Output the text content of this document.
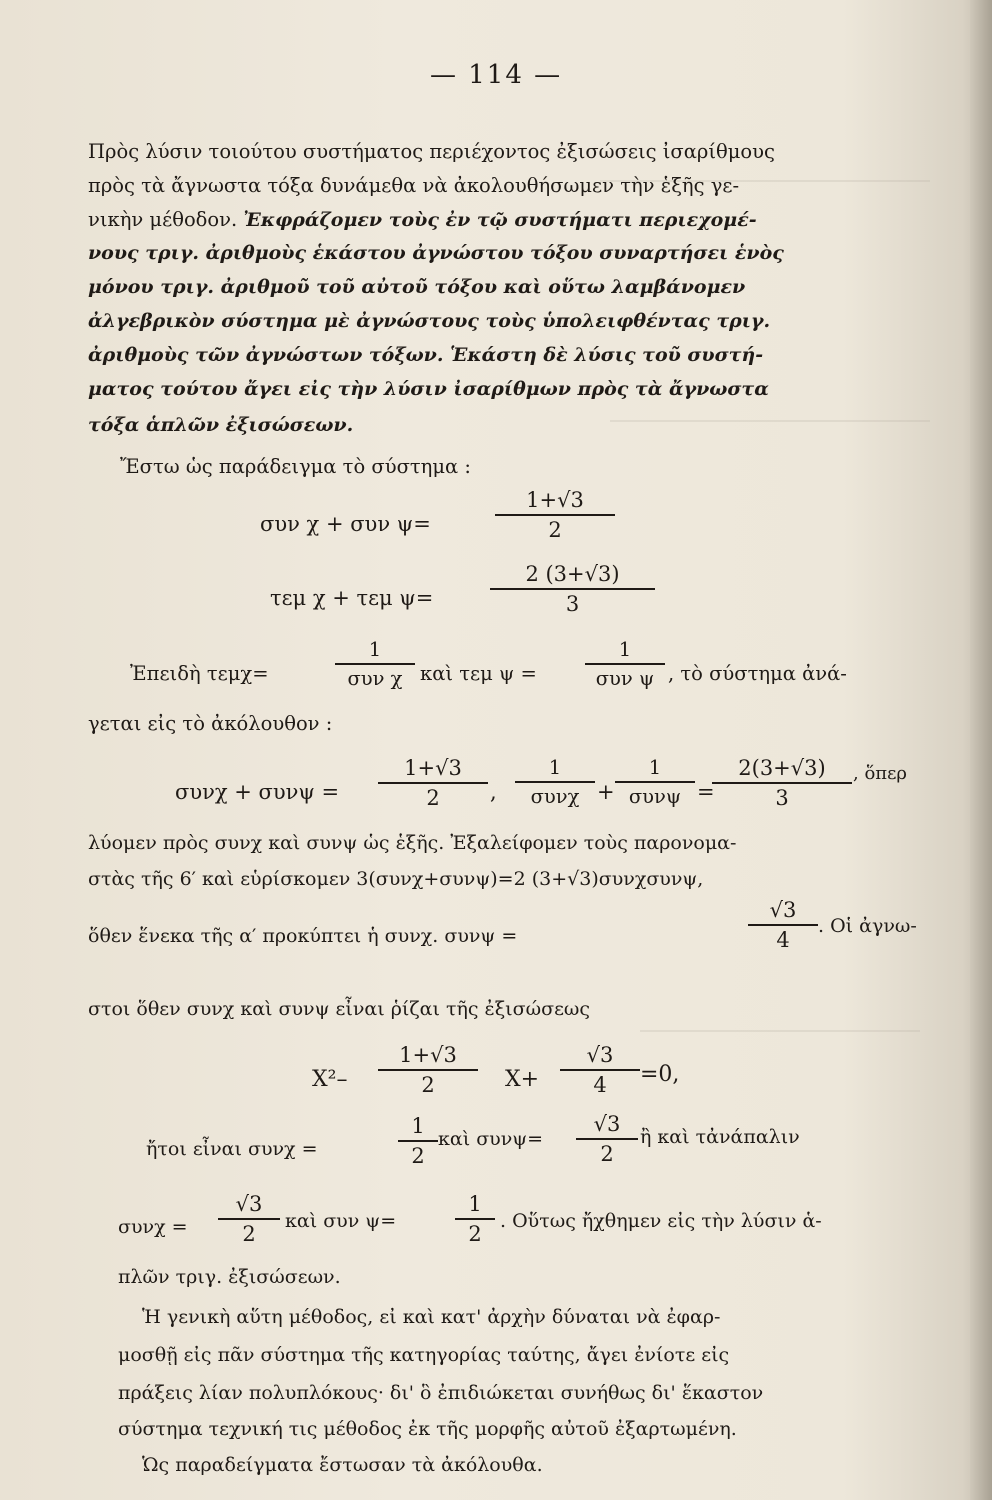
— 114 —
Πρὸς λύσιν τοιούτου συστήματος περιέχοντος ἐξισώσεις ἰσαρίθμους
πρὸς τὰ ἄγνωστα τόξα δυνάμεθα νὰ ἀκολουθήσωμεν τὴν ἑξῆς γε-
νικὴν μέθοδον. Ἐκφράζομεν τοὺς ἐν τῷ συστήματι περιεχομέ-
νους τριγ. ἀριθμοὺς ἑκάστου ἀγνώστου τόξου συναρτήσει ἑνὸς
μόνου τριγ. ἀριθμοῦ τοῦ αὐτοῦ τόξου καὶ οὕτω λαμβάνομεν
ἀλγεβρικὸν σύστημα μὲ ἀγνώστους τοὺς ὑπολειφθέντας τριγ.
ἀριθμοὺς τῶν ἀγνώστων τόξων. Ἑκάστη δὲ λύσις τοῦ συστή-
ματος τούτου ἄγει εἰς τὴν λύσιν ἰσαρίθμων πρὸς τὰ ἄγνωστα
τόξα ἁπλῶν ἐξισώσεων.
Ἔστω ὡς παράδειγμα τὸ σύστημα :
συν χ + συν ψ=	$\frac{1+√3}{2}$
τεμ χ + τεμ ψ=	$\frac{2 (3+√3)}{3}$
Ἐπειδὴ τεμχ=
1
συν χ καὶ τεμ ψ =
1
συν ψ , τὸ σύστημα ἀνά-
γεται εἰς τὸ ἀκόλουθον :
$\sigma\upsilon\nu\chi + \sigma\upsilon\nu\psi = \frac{1+√3}{2}$ ,
1
συνχ +
1
συνψ =
$\frac{2(3+√3)}{3}$ , ὅπερ
λύομεν πρὸς συνχ καὶ συνψ ὡς ἑξῆς. Ἐξαλείφομεν τοὺς παρονομα-
στὰς τῆς 6′ καὶ εὑρίσκομεν 3(συνχ+συνψ)=2 (3+√3)συνχσυνψ,
ὅθεν ἕνεκα τῆς α′ προκύπτει ἡ συνχ. συνψ =	$\frac{√3}{4}$ . Οἱ ἀγνω-
στοι ὅθεν συνχ καὶ συνψ εἶναι ῥίζαι τῆς ἐξισώσεως
$X^2- \frac{1+√3}{2} X+ \frac{√3}{4} =0$,
ἤτοι εἶναι συνχ =	$\frac{1}{2}$ καὶ $\sigma\upsilon\nu\psi= \frac{√3}{2}$ ἢ καὶ τἀνάπαλιν
$\sigma\upsilon\nu\chi = \frac{√3}{2}$ καὶ συν ψ=	$\frac{1}{2}$ . Οὕτως ἤχθημεν εἰς τὴν λύσιν ἁ-
πλῶν τριγ. ἐξισώσεων.
Ἡ γενικὴ αὕτη μέθοδος, εἰ καὶ κατ' ἀρχὴν δύναται νὰ ἐφαρ-
μοσθῇ εἰς πᾶν σύστημα τῆς κατηγορίας ταύτης, ἄγει ἐνίοτε εἰς
πράξεις λίαν πολυπλόκους· δι' ὃ ἐπιδιώκεται συνήθως δι' ἕκαστον
σύστημα τεχνική τις μέθοδος ἐκ τῆς μορφῆς αὐτοῦ ἐξαρτωμένη.
Ὡς παραδείγματα ἔστωσαν τὰ ἀκόλουθα.
